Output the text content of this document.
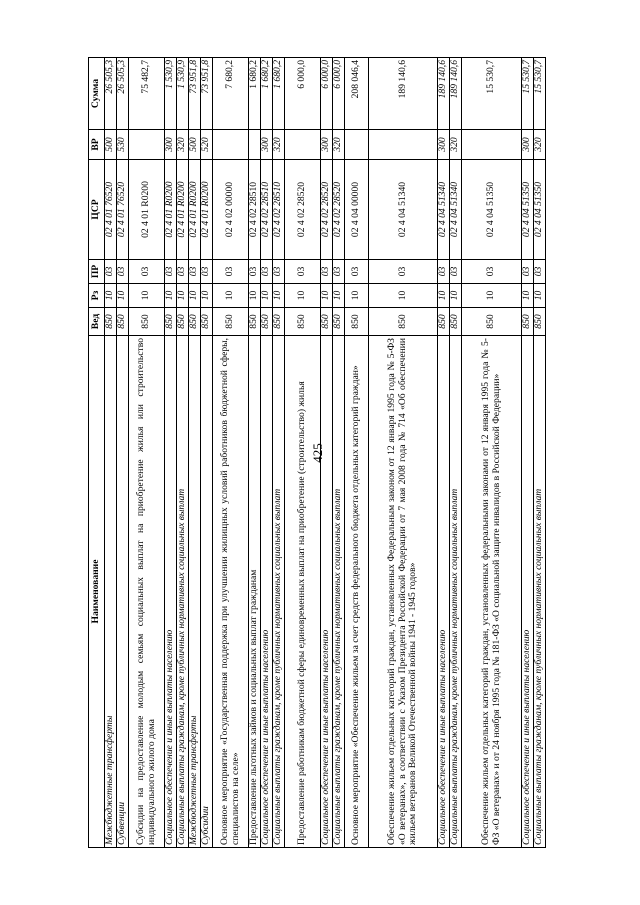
425
Наименование	Вед	Рз	ПР	ЦСР	ВР	Сумма
Межбюджетные трансферты	850	10	03	02 4 01 76520	500	26 505,3
Субвенции	850	10	03	02 4 01 76520	530	26 505,3
Субсидии на предоставление молодым семьям социальных выплат на приобретение жилья или строительство индивидуального жилого дома	850	10	03	02 4 01 R0200		75 482,7
Социальное обеспечение и иные выплаты населению	850	10	03	02 4 01 R0200	300	1 530,9
Социальные выплаты гражданам, кроме публичных нормативных социальных выплат	850	10	03	02 4 01 R0200	320	1 530,9
Межбюджетные трансферты	850	10	03	02 4 01 R0200	500	73 951,8
Субсидии	850	10	03	02 4 01 R0200	520	73 951,8
Основное мероприятие «Государственная поддержка при улучшении жилищных условий работников бюджетной сферы, специалистов на селе»	850	10	03	02 4 02 00000		7 680,2
Предоставление льготных займов и социальных выплат гражданам	850	10	03	02 4 02 28510		1 680,2
Социальное обеспечение и иные выплаты населению	850	10	03	02 4 02 28510	300	1 680,2
Социальные выплаты гражданам, кроме публичных нормативных социальных выплат	850	10	03	02 4 02 28510	320	1 680,2
Предоставление работникам бюджетной сферы единовременных выплат на приобретение (строительство) жилья	850	10	03	02 4 02 28520		6 000,0
Социальное обеспечение и иные выплаты населению	850	10	03	02 4 02 28520	300	6 000,0
Социальные выплаты гражданам, кроме публичных нормативных социальных выплат	850	10	03	02 4 02 28520	320	6 000,0
Основное мероприятие «Обеспечение жильем за счет средств федерального бюджета отдельных категорий граждан»	850	10	03	02 4 04 00000		208 046,4
Обеспечение жильем отдельных категорий граждан, установленных Федеральным законом от 12 января 1995 года № 5-ФЗ «О ветеранах», в соответствии с Указом Президента Российской Федерации от 7 мая 2008 года № 714 «Об обеспечении жильем ветеранов Великой Отечественной войны 1941 - 1945 годов»	850	10	03	02 4 04 51340		189 140,6
Социальное обеспечение и иные выплаты населению	850	10	03	02 4 04 51340	300	189 140,6
Социальные выплаты гражданам, кроме публичных нормативных социальных выплат	850	10	03	02 4 04 51340	320	189 140,6
Обеспечение жильем отдельных категорий граждан, установленных федеральными законами от 12 января 1995 года № 5-ФЗ «О ветеранах» и от 24 ноября 1995 года № 181-ФЗ «О социальной защите инвалидов в Российской Федерации»	850	10	03	02 4 04 51350		15 530,7
Социальное обеспечение и иные выплаты населению	850	10	03	02 4 04 51350	300	15 530,7
Социальные выплаты гражданам, кроме публичных нормативных социальных выплат	850	10	03	02 4 04 51350	320	15 530,7
